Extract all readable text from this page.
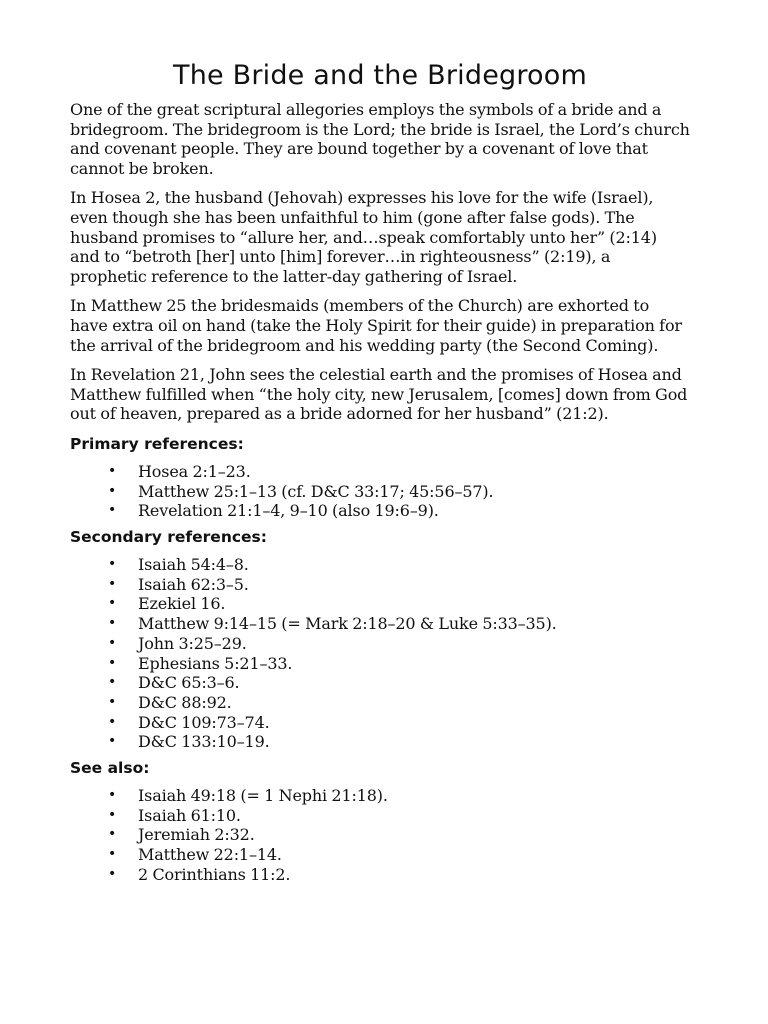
The Bride and the Bridegroom

One of the great scriptural allegories employs the symbols of a bride and a bridegroom. The bridegroom is the Lord; the bride is Israel, the Lord’s church and covenant people. They are bound together by a covenant of love that cannot be broken.

In Hosea 2, the husband (Jehovah) expresses his love for the wife (Israel), even though she has been unfaithful to him (gone after false gods). The husband promises to “allure her, and…speak comfortably unto her” (2:14) and to “betroth [her] unto [him] forever…in righteousness” (2:19), a prophetic reference to the latter-day gathering of Israel.

In Matthew 25 the bridesmaids (members of the Church) are exhorted to have extra oil on hand (take the Holy Spirit for their guide) in preparation for the arrival of the bridegroom and his wedding party (the Second Coming).

In Revelation 21, John sees the celestial earth and the promises of Hosea and Matthew fulfilled when “the holy city, new Jerusalem, [comes] down from God out of heaven, prepared as a bride adorned for her husband” (21:2).

Primary references:
• Hosea 2:1–23.
• Matthew 25:1–13 (cf. D&C 33:17; 45:56–57).
• Revelation 21:1–4, 9–10 (also 19:6–9).
Secondary references:
• Isaiah 54:4–8.
• Isaiah 62:3–5.
• Ezekiel 16.
• Matthew 9:14–15 (= Mark 2:18–20 & Luke 5:33–35).
• John 3:25–29.
• Ephesians 5:21–33.
• D&C 65:3–6.
• D&C 88:92.
• D&C 109:73–74.
• D&C 133:10–19.
See also:
• Isaiah 49:18 (= 1 Nephi 21:18).
• Isaiah 61:10.
• Jeremiah 2:32.
• Matthew 22:1–14.
• 2 Corinthians 11:2.
